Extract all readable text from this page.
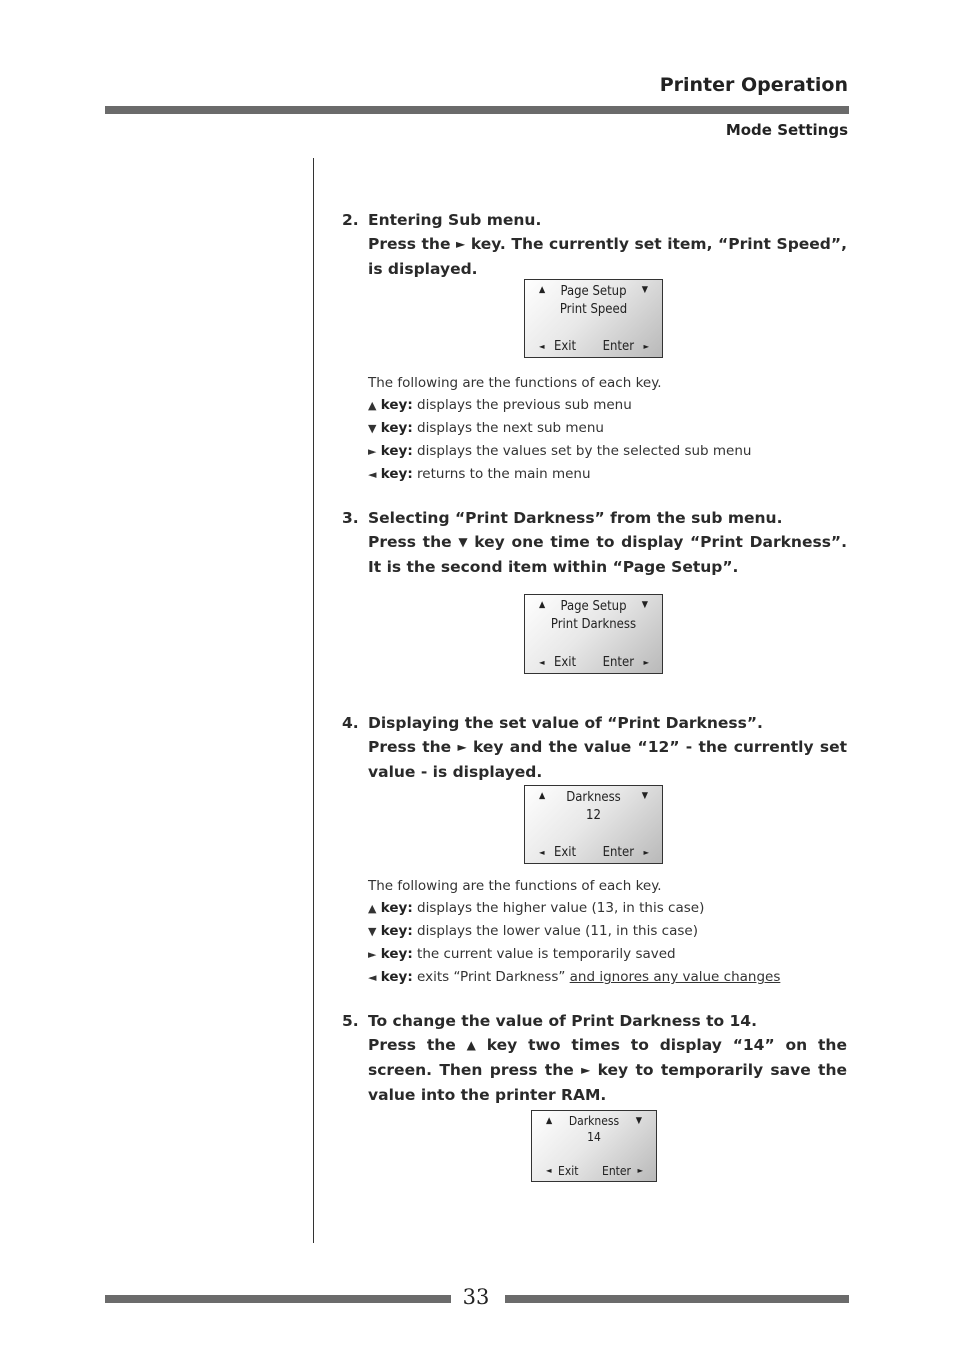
Printer Operation
Mode Settings
2. Entering Sub menu.
Press the ► key. The currently set item, “Print Speed”, is displayed.
▲	Page Setup	▼
Print Speed
◄ Exit Enter ►
The following are the functions of each key.
▲ key: displays the previous sub menu
▼ key: displays the next sub menu
► key: displays the values set by the selected sub menu
◄ key: returns to the main menu
3. Selecting “Print Darkness” from the sub menu.
Press the ▼ key one time to display “Print Darkness”. It is the second item within “Page Setup”.
▲	Page Setup	▼
Print Darkness
◄ Exit Enter ►
4. Displaying the set value of “Print Darkness”.
Press the ► key and the value “12” - the currently set value - is displayed.
▲	Darkness	▼
12
◄ Exit Enter ►
The following are the functions of each key.
▲ key: displays the higher value (13, in this case)
▼ key: displays the lower value (11, in this case)
► key: the current value is temporarily saved
◄ key: exits “Print Darkness” and ignores any value changes
5. To change the value of Print Darkness to 14.
Press the ▲ key two times to display “14” on the screen. Then press the ► key to temporarily save the value into the printer RAM.
▲	Darkness	▼
14
◄ Exit Enter ►
33
